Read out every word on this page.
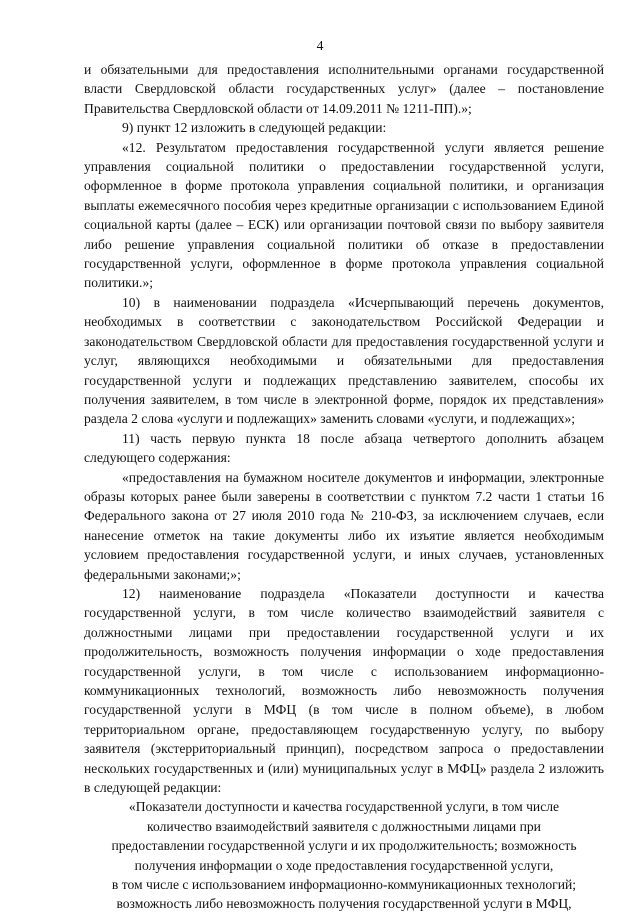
4

и обязательными для предоставления исполнительными органами государственной власти Свердловской области государственных услуг» (далее – постановление Правительства Свердловской области от 14.09.2011 № 1211-ПП).»;

9) пункт 12 изложить в следующей редакции:

«12. Результатом предоставления государственной услуги является решение управления социальной политики о предоставлении государственной услуги, оформленное в форме протокола управления социальной политики, и организация выплаты ежемесячного пособия через кредитные организации с использованием Единой социальной карты (далее – ЕСК) или организации почтовой связи по выбору заявителя либо решение управления социальной политики об отказе в предоставлении государственной услуги, оформленное в форме протокола управления социальной политики.»;

10) в наименовании подраздела «Исчерпывающий перечень документов, необходимых в соответствии с законодательством Российской Федерации и законодательством Свердловской области для предоставления государственной услуги и услуг, являющихся необходимыми и обязательными для предоставления государственной услуги и подлежащих представлению заявителем, способы их получения заявителем, в том числе в электронной форме, порядок их представления» раздела 2 слова «услуги и подлежащих» заменить словами «услуги, и подлежащих»;

11) часть первую пункта 18 после абзаца четвертого дополнить абзацем следующего содержания:

«предоставления на бумажном носителе документов и информации, электронные образы которых ранее были заверены в соответствии с пунктом 7.2 части 1 статьи 16 Федерального закона от 27 июля 2010 года № 210-ФЗ, за исключением случаев, если нанесение отметок на такие документы либо их изъятие является необходимым условием предоставления государственной услуги, и иных случаев, установленных федеральными законами;»;

12) наименование подраздела «Показатели доступности и качества государственной услуги, в том числе количество взаимодействий заявителя с должностными лицами при предоставлении государственной услуги и их продолжительность, возможность получения информации о ходе предоставления государственной услуги, в том числе с использованием информационно-коммуникационных технологий, возможность либо невозможность получения государственной услуги в МФЦ (в том числе в полном объеме), в любом территориальном органе, предоставляющем государственную услугу, по выбору заявителя (экстерриториальный принцип), посредством запроса о предоставлении нескольких государственных и (или) муниципальных услуг в МФЦ» раздела 2 изложить в следующей редакции:

«Показатели доступности и качества государственной услуги, в том числе
количество взаимодействий заявителя с должностными лицами при
предоставлении государственной услуги и их продолжительность; возможность
получения информации о ходе предоставления государственной услуги,
в том числе с использованием информационно-коммуникационных технологий;
возможность либо невозможность получения государственной услуги в МФЦ,
